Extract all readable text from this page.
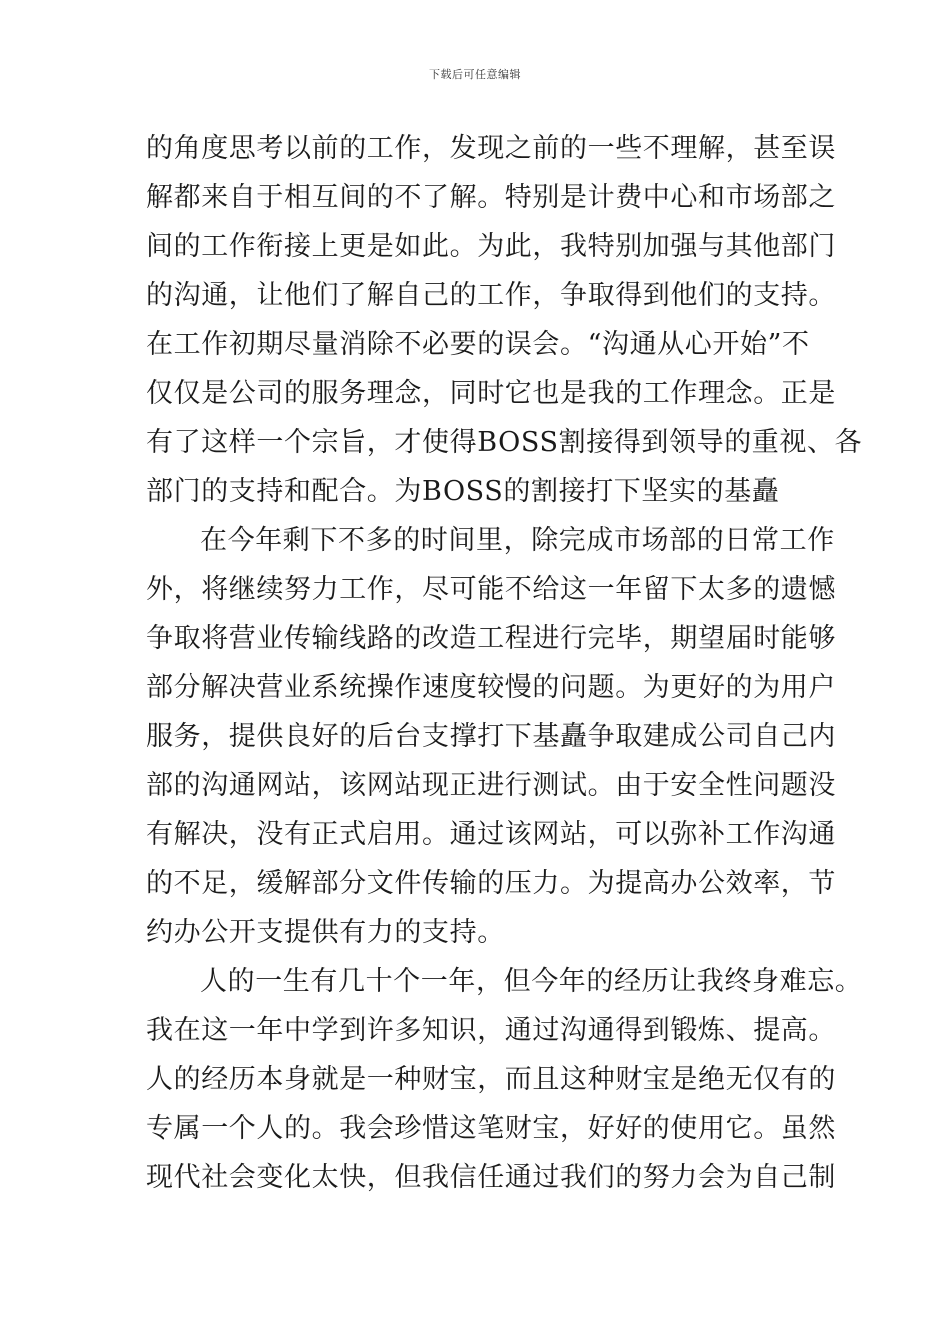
下载后可任意编辑
的角度思考以前的工作，发现之前的一些不理解，甚至误
解都来自于相互间的不了解。特别是计费中心和市场部之
间的工作衔接上更是如此。为此，我特别加强与其他部门
的沟通，让他们了解自己的工作，争取得到他们的支持。
在工作初期尽量消除不必要的误会。“沟通从心开始”不
仅仅是公司的服务理念，同时它也是我的工作理念。正是
有了这样一个宗旨，才使得BOSS割接得到领导的重视、各
部门的支持和配合。为BOSS的割接打下坚实的基矗
在今年剩下不多的时间里，除完成市场部的日常工作
外，将继续努力工作，尽可能不给这一年留下太多的遗憾
争取将营业传输线路的改造工程进行完毕，期望届时能够
部分解决营业系统操作速度较慢的问题。为更好的为用户
服务，提供良好的后台支撑打下基矗争取建成公司自己内
部的沟通网站，该网站现正进行测试。由于安全性问题没
有解决，没有正式启用。通过该网站，可以弥补工作沟通
的不足，缓解部分文件传输的压力。为提高办公效率，节
约办公开支提供有力的支持。
人的一生有几十个一年，但今年的经历让我终身难忘。
我在这一年中学到许多知识，通过沟通得到锻炼、提高。
人的经历本身就是一种财宝，而且这种财宝是绝无仅有的
专属一个人的。我会珍惜这笔财宝，好好的使用它。虽然
现代社会变化太快，但我信任通过我们的努力会为自己制
